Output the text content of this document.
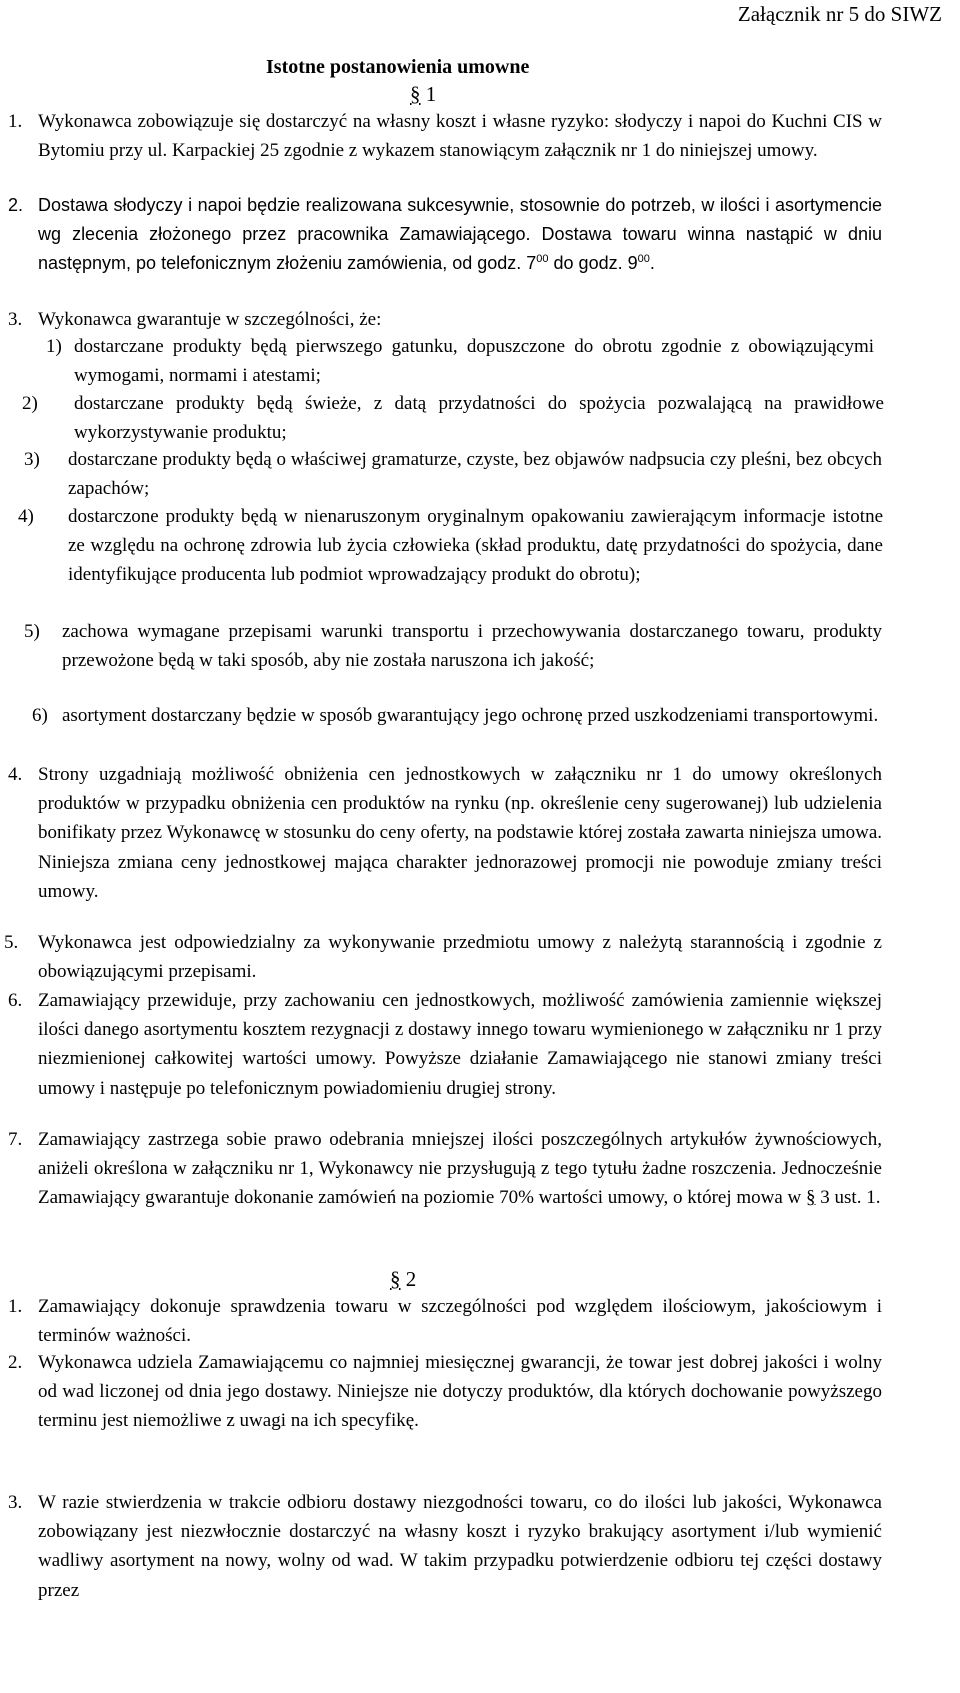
Załącznik nr 5 do SIWZ
Istotne postanowienia umowne
§ 1
1. Wykonawca zobowiązuje się dostarczyć na własny koszt i własne ryzyko: słodyczy i napoi do Kuchni CIS w Bytomiu przy ul. Karpackiej 25 zgodnie z wykazem stanowiącym załącznik nr 1 do niniejszej umowy.
2. Dostawa słodyczy i napoi będzie realizowana sukcesywnie, stosownie do potrzeb, w ilości i asortymencie wg zlecenia złożonego przez pracownika Zamawiającego. Dostawa towaru winna nastąpić w dniu następnym, po telefonicznym złożeniu zamówienia, od godz. $7^{00}$ do godz. $9^{00}$.
3. Wykonawca gwarantuje w szczególności, że:
1) dostarczane produkty będą pierwszego gatunku, dopuszczone do obrotu zgodnie z obowiązującymi wymogami, normami i atestami;
2) dostarczane produkty będą świeże, z datą przydatności do spożycia pozwalającą na prawidłowe wykorzystywanie produktu;
3) dostarczane produkty będą o właściwej gramaturze, czyste, bez objawów nadpsucia czy pleśni, bez obcych zapachów;
4) dostarczone produkty będą w nienaruszonym oryginalnym opakowaniu zawierającym informacje istotne ze względu na ochronę zdrowia lub życia człowieka (skład produktu, datę przydatności do spożycia, dane identyfikujące producenta lub podmiot wprowadzający produkt do obrotu);
5) zachowa wymagane przepisami warunki transportu i przechowywania dostarczanego towaru, produkty przewożone będą w taki sposób, aby nie została naruszona ich jakość;
6) asortyment dostarczany będzie w sposób gwarantujący jego ochronę przed uszkodzeniami transportowymi.
4. Strony uzgadniają możliwość obniżenia cen jednostkowych w załączniku nr 1 do umowy określonych produktów w przypadku obniżenia cen produktów na rynku (np. określenie ceny sugerowanej) lub udzielenia bonifikaty przez Wykonawcę w stosunku do ceny oferty, na podstawie której została zawarta niniejsza umowa. Niniejsza zmiana ceny jednostkowej mająca charakter jednorazowej promocji nie powoduje zmiany treści umowy.
5. Wykonawca jest odpowiedzialny za wykonywanie przedmiotu umowy z należytą starannością i zgodnie z obowiązującymi przepisami.
6. Zamawiający przewiduje, przy zachowaniu cen jednostkowych, możliwość zamówienia zamiennie większej ilości danego asortymentu kosztem rezygnacji z dostawy innego towaru wymienionego w załączniku nr 1 przy niezmienionej całkowitej wartości umowy. Powyższe działanie Zamawiającego nie stanowi zmiany treści umowy i następuje po telefonicznym powiadomieniu drugiej strony.
7. Zamawiający zastrzega sobie prawo odebrania mniejszej ilości poszczególnych artykułów żywnościowych, aniżeli określona w załączniku nr 1, Wykonawcy nie przysługują z tego tytułu żadne roszczenia. Jednocześnie Zamawiający gwarantuje dokonanie zamówień na poziomie 70% wartości umowy, o której mowa w § 3 ust. 1.
§ 2
1. Zamawiający dokonuje sprawdzenia towaru w szczególności pod względem ilościowym, jakościowym i terminów ważności.
2. Wykonawca udziela Zamawiającemu co najmniej miesięcznej gwarancji, że towar jest dobrej jakości i wolny od wad liczonej od dnia jego dostawy. Niniejsze nie dotyczy produktów, dla których dochowanie powyższego terminu jest niemożliwe z uwagi na ich specyfikę.
3. W razie stwierdzenia w trakcie odbioru dostawy niezgodności towaru, co do ilości lub jakości, Wykonawca zobowiązany jest niezwłocznie dostarczyć na własny koszt i ryzyko brakujący asortyment i/lub wymienić wadliwy asortyment na nowy, wolny od wad. W takim przypadku potwierdzenie odbioru tej części dostawy przez
